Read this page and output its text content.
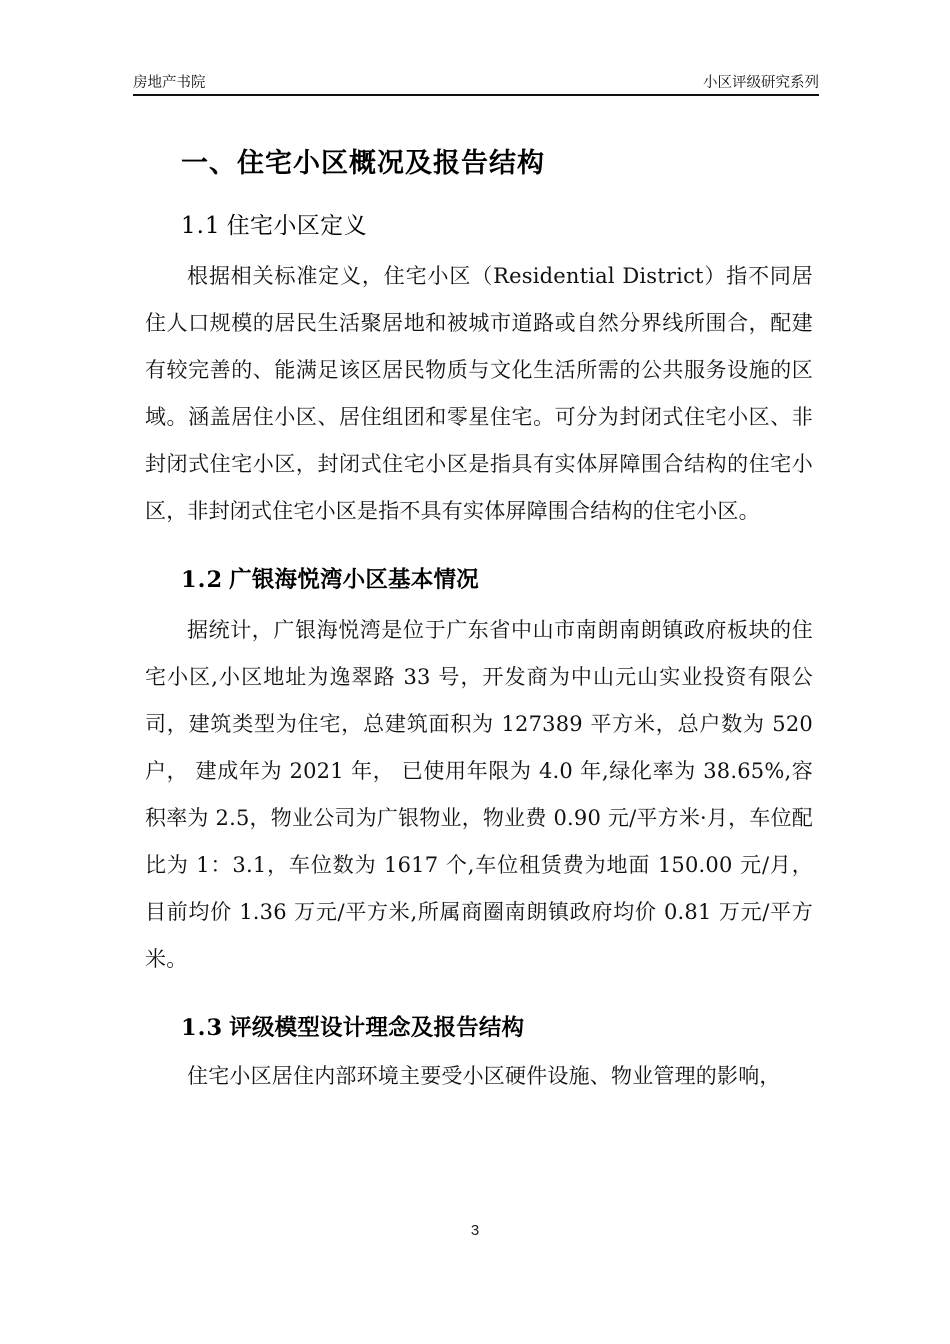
房地产书院	小区评级研究系列
一、住宅小区概况及报告结构
1.1 住宅小区定义

根据相关标准定义，住宅小区（Residential District）指不同居住人口规模的居民生活聚居地和被城市道路或自然分界线所围合，配建有较完善的、能满足该区居民物质与文化生活所需的公共服务设施的区域。涵盖居住小区、居住组团和零星住宅。可分为封闭式住宅小区、非封闭式住宅小区，封闭式住宅小区是指具有实体屏障围合结构的住宅小区，非封闭式住宅小区是指不具有实体屏障围合结构的住宅小区。

1.2 广银海悦湾小区基本情况

据统计，广银海悦湾是位于广东省中山市南朗南朗镇政府板块的住宅小区,小区地址为逸翠路 33 号，开发商为中山元山实业投资有限公司，建筑类型为住宅，总建筑面积为 127389 平方米，总户数为 520 户， 建成年为 2021 年， 已使用年限为 4.0 年,绿化率为 38.65%,容积率为 2.5，物业公司为广银物业，物业费 0.90 元/平方米·月，车位配比为 1：3.1，车位数为 1617 个,车位租赁费为地面 150.00 元/月，目前均价 1.36 万元/平方米,所属商圈南朗镇政府均价 0.81 万元/平方米。

1.3 评级模型设计理念及报告结构

住宅小区居住内部环境主要受小区硬件设施、物业管理的影响，

3
